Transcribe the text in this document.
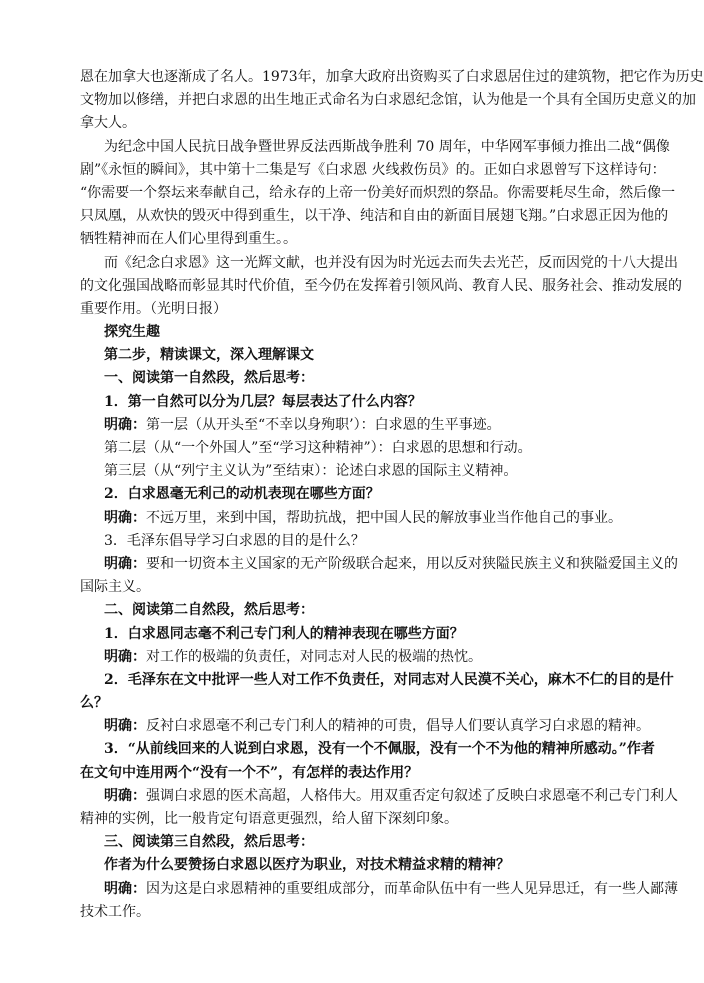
恩在加拿大也逐渐成了名人。1973年，加拿大政府出资购买了白求恩居住过的建筑物，把它作为历史
文物加以修缮，并把白求恩的出生地正式命名为白求恩纪念馆，认为他是一个具有全国历史意义的加
拿大人。
为纪念中国人民抗日战争暨世界反法西斯战争胜利 70 周年，中华网军事倾力推出二战“偶像
剧”《永恒的瞬间》，其中第十二集是写《白求恩 火线救伤员》的。正如白求恩曾写下这样诗句：
“你需要一个祭坛来奉献自己，给永存的上帝一份美好而炽烈的祭品。你需要耗尽生命，然后像一
只凤凰，从欢快的毁灭中得到重生，以干净、纯洁和自由的新面目展翅飞翔。”白求恩正因为他的
牺牲精神而在人们心里得到重生。。
而《纪念白求恩》这一光辉文献，也并没有因为时光远去而失去光芒，反而因党的十八大提出
的文化强国战略而彰显其时代价值，至今仍在发挥着引领风尚、教育人民、服务社会、推动发展的
重要作用。（光明日报）
探究生趣
第二步，精读课文，深入理解课文
一、阅读第一自然段，然后思考：
1．第一自然可以分为几层？每层表达了什么内容？
明确：第一层（从开头至“不幸以身殉职’）：白求恩的生平事迹。
第二层（从“一个外国人”至“学习这种精神”）：白求恩的思想和行动。
第三层（从“列宁主义认为”至结束）：论述白求恩的国际主义精神。
2．白求恩毫无利己的动机表现在哪些方面？
明确：不远万里，来到中国，帮助抗战，把中国人民的解放事业当作他自己的事业。
3．毛泽东倡导学习白求恩的目的是什么？
明确：要和一切资本主义国家的无产阶级联合起来，用以反对狭隘民族主义和狭隘爱国主义的
国际主义。
二、阅读第二自然段，然后思考：
1．白求恩同志毫不利己专门利人的精神表现在哪些方面？
明确：对工作的极端的负责任，对同志对人民的极端的热忱。
2．毛泽东在文中批评一些人对工作不负责任，对同志对人民漠不关心，麻木不仁的目的是什
么？
明确：反衬白求恩毫不利己专门利人的精神的可贵，倡导人们要认真学习白求恩的精神。
3．“从前线回来的人说到白求恩，没有一个不佩服，没有一个不为他的精神所感动。”作者
在文句中连用两个“没有一个不”，有怎样的表达作用？
明确：强调白求恩的医术高超，人格伟大。用双重否定句叙述了反映白求恩毫不利己专门利人
精神的实例，比一般肯定句语意更强烈，给人留下深刻印象。
三、阅读第三自然段，然后思考：
作者为什么要赞扬白求恩以医疗为职业，对技术精益求精的精神？
明确：因为这是白求恩精神的重要组成部分，而革命队伍中有一些人见异思迁，有一些人鄙薄
技术工作。
